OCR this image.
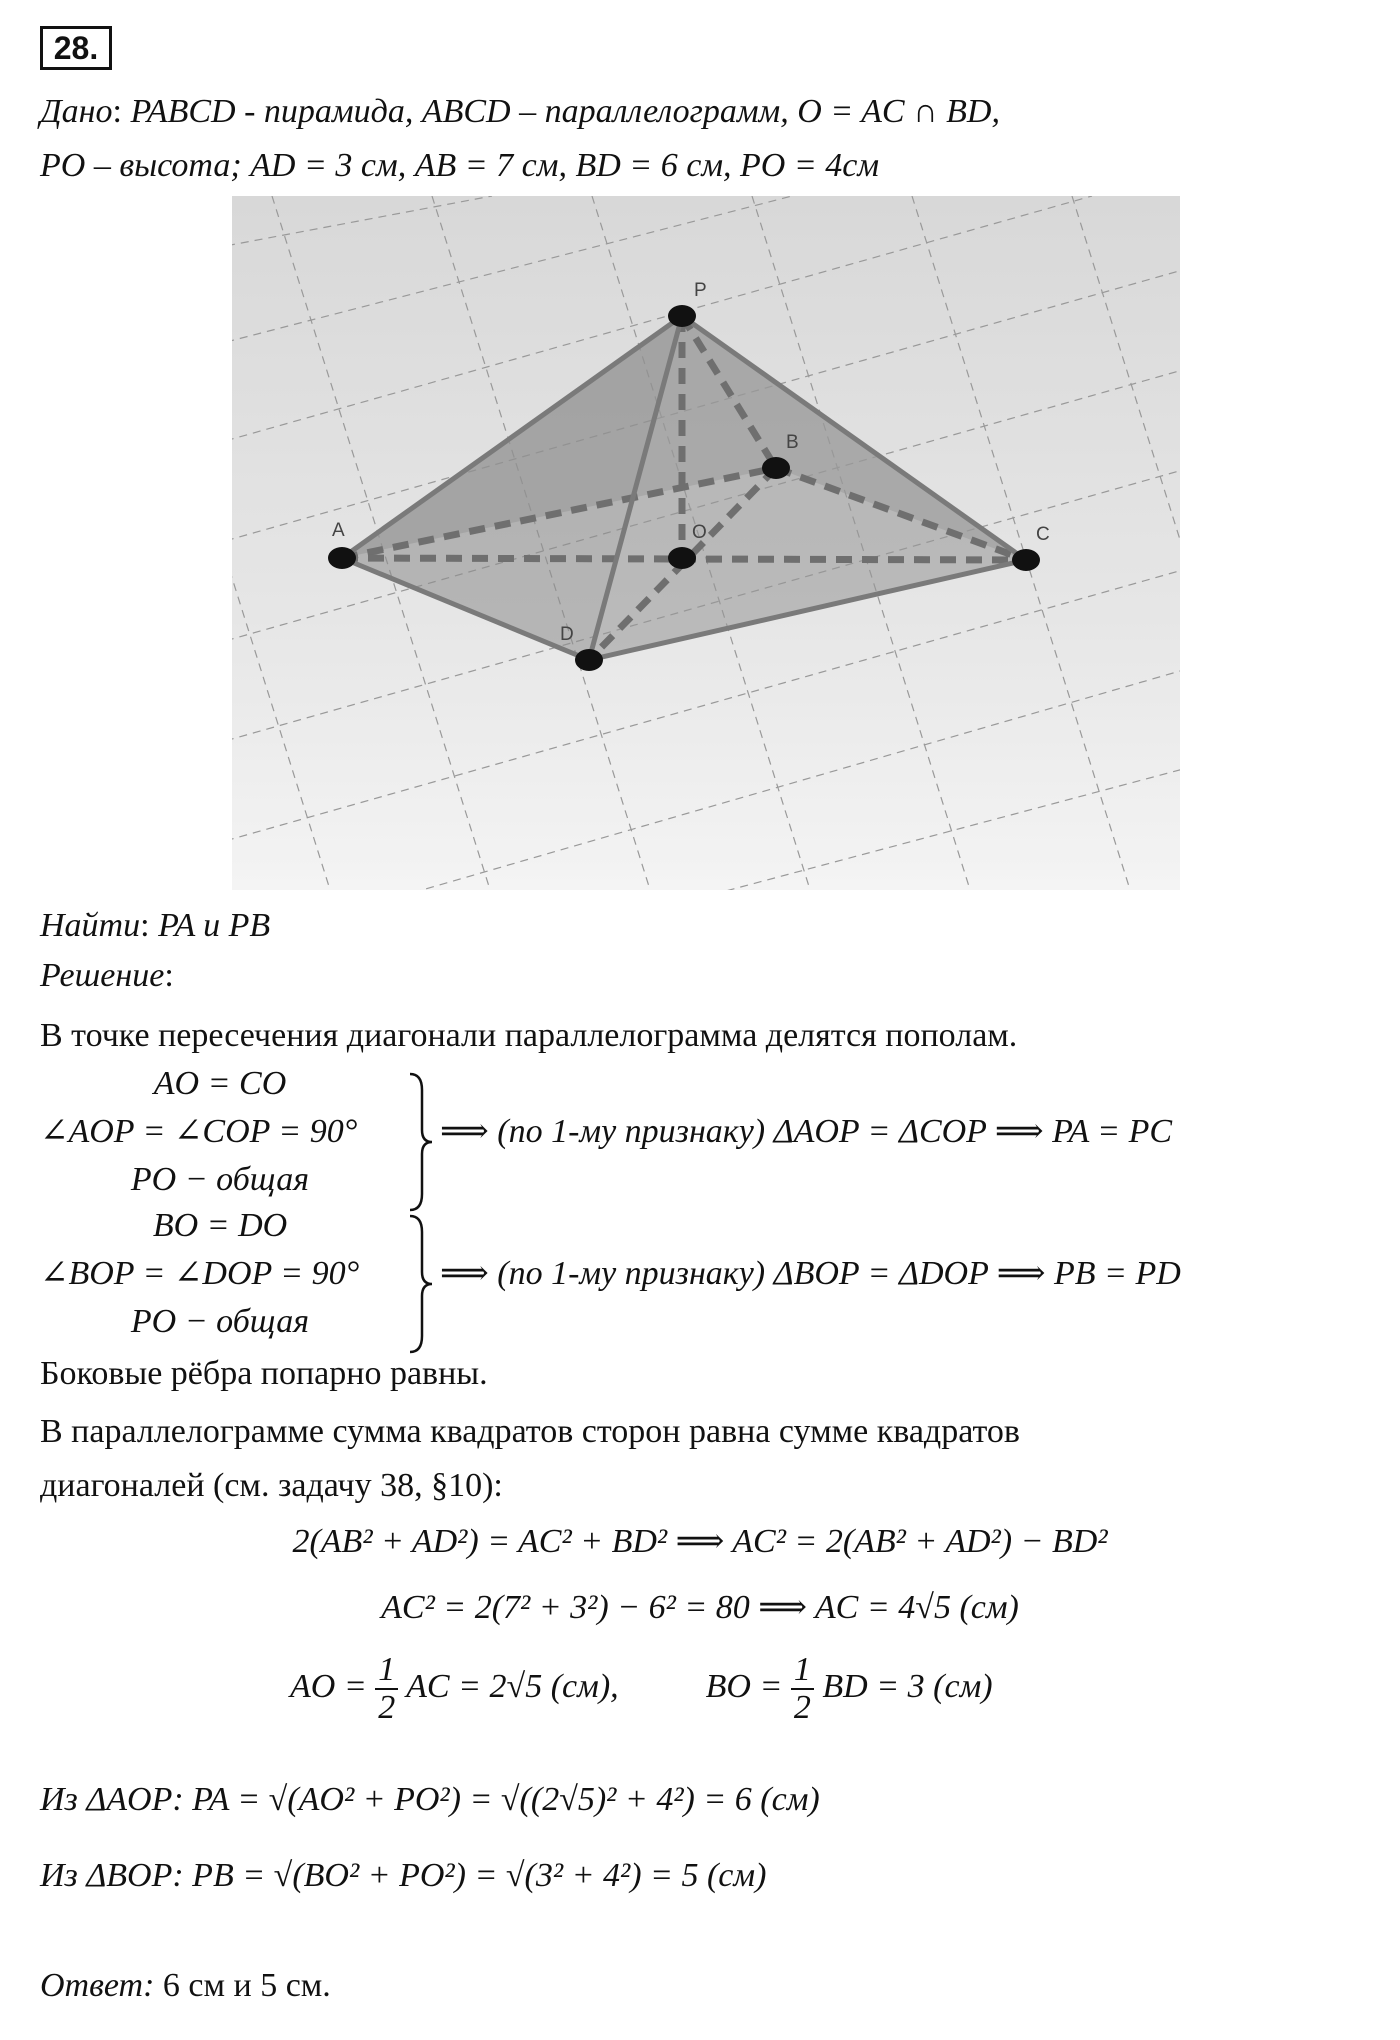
28.
Дано: PABCD - пирамида, ABCD – параллелограмм, O = AC ∩ BD,
PO – высота; AD = 3 см, AB = 7 см, BD = 6 см, PO = 4см
P
A
B
C
D
O
Найти: PA и PB
Решение:
В точке пересечения диагонали параллелограмма делятся пополам.
AO = CO
∠AOP = ∠COP = 90°
PO − общая
⟹ (по 1-му признаку) ΔAOP = ΔCOP ⟹ PA = PC
BO = DO
∠BOP = ∠DOP = 90°
PO − общая
⟹ (по 1-му признаку) ΔBOP = ΔDOP ⟹ PB = PD
Боковые рёбра попарно равны.
В параллелограмме сумма квадратов сторон равна сумме квадратов
диагоналей (см. задачу 38, §10):
2(AB² + AD²) = AC² + BD² ⟹ AC² = 2(AB² + AD²) − BD²
AC² = 2(7² + 3²) − 6² = 80 ⟹ AC = 4√5 (см)
AO = $\frac{1}{2}$ AC = 2√5 (см),	BO = $\frac{1}{2}$ BD = 3 (см)
Из ΔAOP: PA = √(AO² + PO²) = √((2√5)² + 4²) = 6 (см)
Из ΔBOP: PB = √(BO² + PO²) = √(3² + 4²) = 5 (см)
Ответ: 6 см и 5 см.
